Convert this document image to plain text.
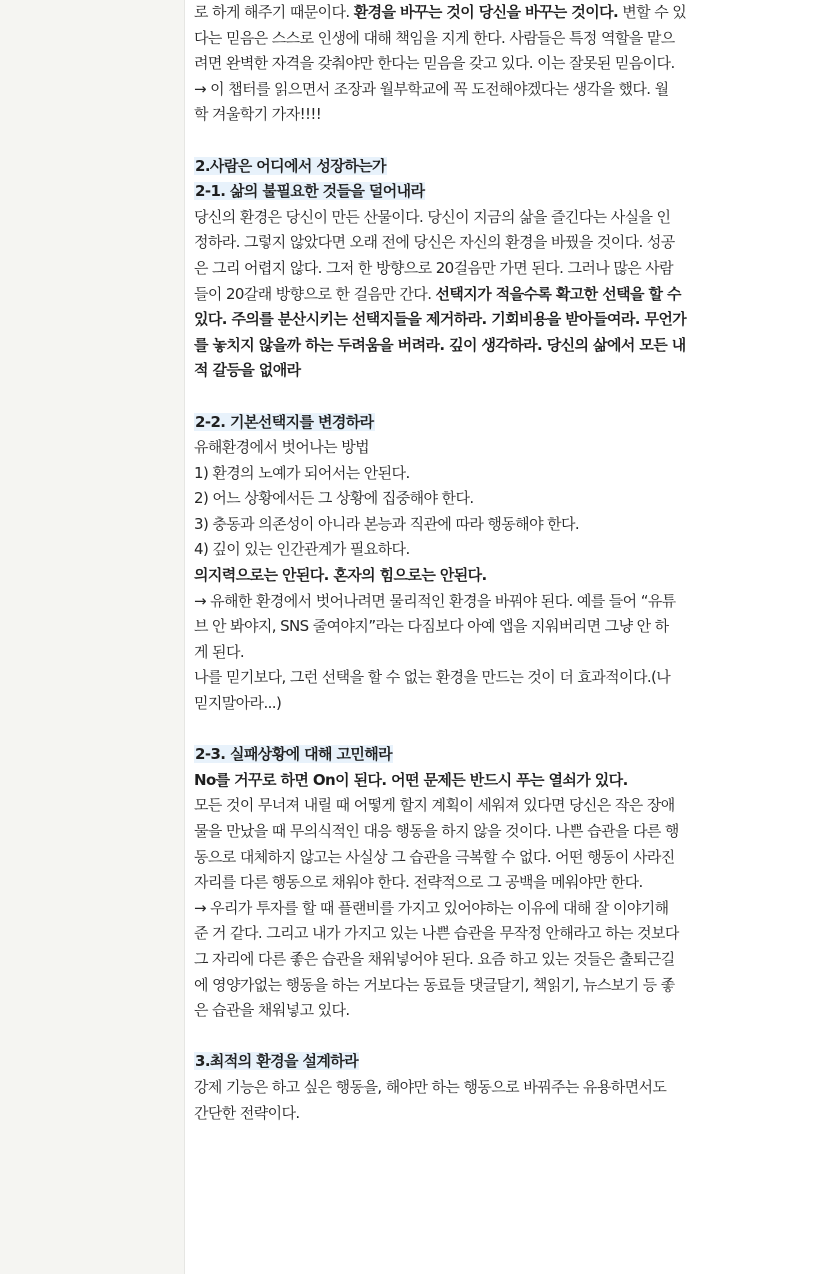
로 하게 해주기 때문이다. 환경을 바꾸는 것이 당신을 바꾸는 것이다. 변할 수 있

다는 믿음은 스스로 인생에 대해 책임을 지게 한다. 사람들은 특정 역할을 맡으

려면 완벽한 자격을 갖춰야만 한다는 믿음을 갖고 있다. 이는 잘못된 믿음이다.

→ 이 챕터를 읽으면서 조장과 월부학교에 꼭 도전해야겠다는 생각을 했다. 월

학 겨울학기 가자!!!!

2.사람은 어디에서 성장하는가

2-1. 삶의 불필요한 것들을 덜어내라

당신의 환경은 당신이 만든 산물이다. 당신이 지금의 삶을 즐긴다는 사실을 인

정하라. 그렇지 않았다면 오래 전에 당신은 자신의 환경을 바꿨을 것이다. 성공

은 그리 어렵지 않다. 그저 한 방향으로 20걸음만 가면 된다. 그러나 많은 사람

들이 20갈래 방향으로 한 걸음만 간다. 선택지가 적을수록 확고한 선택을 할 수

있다. 주의를 분산시키는 선택지들을 제거하라. 기회비용을 받아들여라. 무언가

를 놓치지 않을까 하는 두려움을 버려라. 깊이 생각하라. 당신의 삶에서 모든 내

적 갈등을 없애라

2-2. 기본선택지를 변경하라

유해환경에서 벗어나는 방법

1) 환경의 노예가 되어서는 안된다.

2) 어느 상황에서든 그 상황에 집중해야 한다.

3) 충동과 의존성이 아니라 본능과 직관에 따라 행동해야 한다.

4) 깊이 있는 인간관계가 필요하다.

의지력으로는 안된다. 혼자의 힘으로는 안된다.

→ 유해한 환경에서 벗어나려면 물리적인 환경을 바꿔야 된다. 예를 들어 “유튜

브 안 봐야지, SNS 줄여야지”라는 다짐보다 아예 앱을 지워버리면 그냥 안 하

게 된다.

나를 믿기보다, 그런 선택을 할 수 없는 환경을 만드는 것이 더 효과적이다.(나

믿지말아라...)

2-3. 실패상황에 대해 고민해라

No를 거꾸로 하면 On이 된다. 어떤 문제든 반드시 푸는 열쇠가 있다.

모든 것이 무너져 내릴 때 어떻게 할지 계획이 세워져 있다면 당신은 작은 장애

물을 만났을 때 무의식적인 대응 행동을 하지 않을 것이다. 나쁜 습관을 다른 행

동으로 대체하지 않고는 사실상 그 습관을 극복할 수 없다. 어떤 행동이 사라진

자리를 다른 행동으로 채워야 한다. 전략적으로 그 공백을 메워야만 한다.

→ 우리가 투자를 할 때 플랜비를 가지고 있어야하는 이유에 대해 잘 이야기해

준 거 같다. 그리고 내가 가지고 있는 나쁜 습관을 무작정 안해라고 하는 것보다

그 자리에 다른 좋은 습관을 채워넣어야 된다. 요즘 하고 있는 것들은 출퇴근길

에 영양가없는 행동을 하는 거보다는 동료들 댓글달기, 책읽기, 뉴스보기 등 좋

은 습관을 채워넣고 있다.

3.최적의 환경을 설계하라

강제 기능은 하고 싶은 행동을, 해야만 하는 행동으로 바꿔주는 유용하면서도

간단한 전략이다.
